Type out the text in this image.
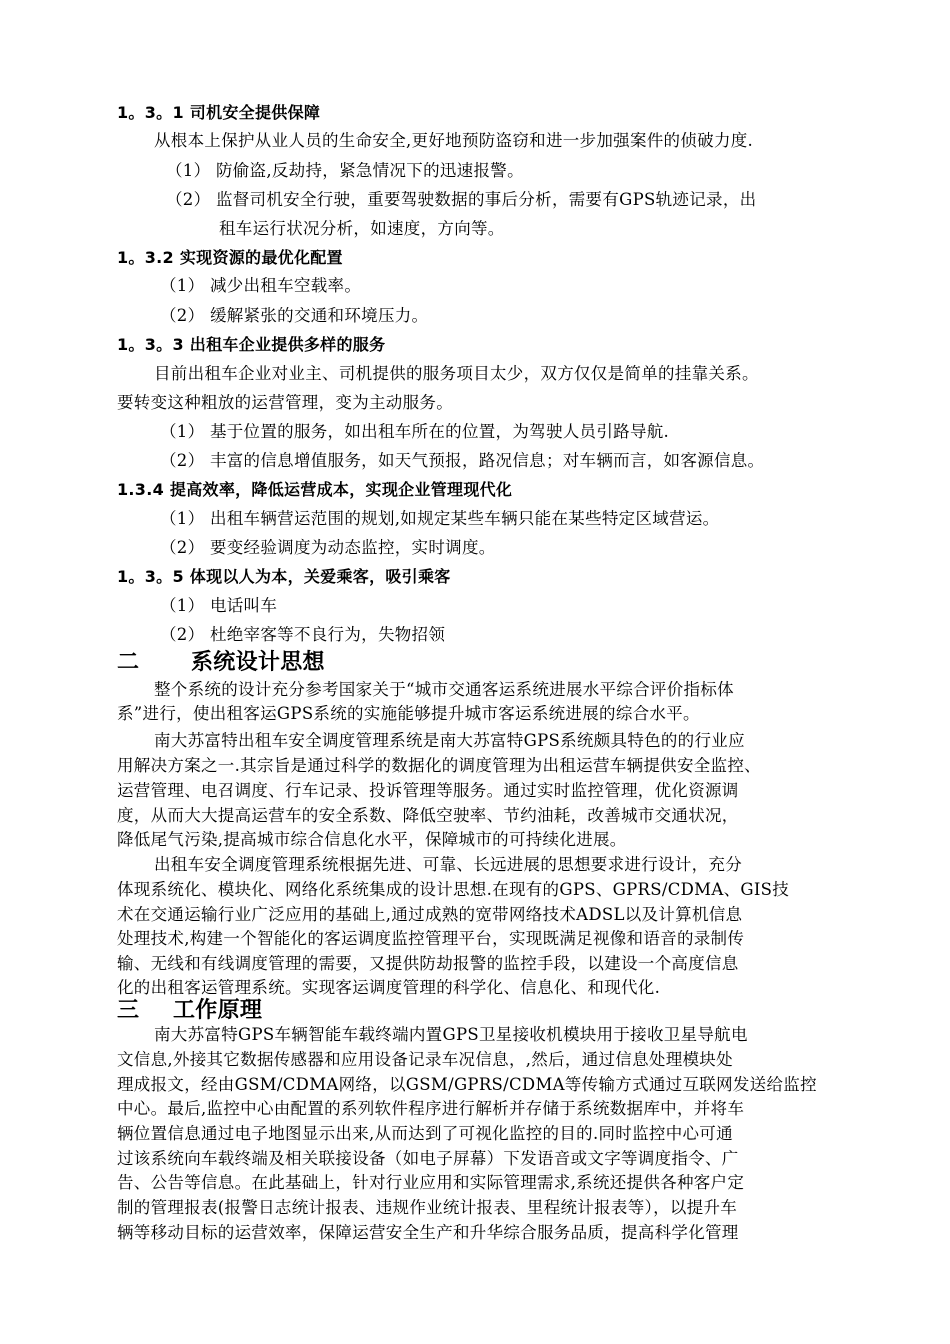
1。3。1 司机安全提供保障
从根本上保护从业人员的生命安全,更好地预防盗窃和进一步加强案件的侦破力度.
（1） 防偷盗,反劫持，紧急情况下的迅速报警。
（2） 监督司机安全行驶，重要驾驶数据的事后分析，需要有GPS轨迹记录，出
租车运行状况分析，如速度，方向等。
1。3.2 实现资源的最优化配置
（1） 减少出租车空载率。
（2） 缓解紧张的交通和环境压力。
1。3。3 出租车企业提供多样的服务
目前出租车企业对业主、司机提供的服务项目太少，双方仅仅是简单的挂靠关系。
要转变这种粗放的运营管理，变为主动服务。
（1） 基于位置的服务，如出租车所在的位置，为驾驶人员引路导航.
（2） 丰富的信息增值服务，如天气预报，路况信息；对车辆而言，如客源信息。
1.3.4 提高效率，降低运营成本，实现企业管理现代化
（1） 出租车辆营运范围的规划,如规定某些车辆只能在某些特定区域营运。
（2） 要变经验调度为动态监控，实时调度。
1。3。5 体现以人为本，关爱乘客，吸引乘客
（1） 电话叫车
（2） 杜绝宰客等不良行为，失物招领
二 系统设计思想
整个系统的设计充分参考国家关于“城市交通客运系统进展水平综合评价指标体
系”进行，使出租客运GPS系统的实施能够提升城市客运系统进展的综合水平。
南大苏富特出租车安全调度管理系统是南大苏富特GPS系统颇具特色的的行业应
用解决方案之一.其宗旨是通过科学的数据化的调度管理为出租运营车辆提供安全监控、
运营管理、电召调度、行车记录、投诉管理等服务。通过实时监控管理，优化资源调
度，从而大大提高运营车的安全系数、降低空驶率、节约油耗，改善城市交通状况，
降低尾气污染,提高城市综合信息化水平，保障城市的可持续化进展。
出租车安全调度管理系统根据先进、可靠、长远进展的思想要求进行设计，充分
体现系统化、模块化、网络化系统集成的设计思想.在现有的GPS、GPRS/CDMA、GIS技
术在交通运输行业广泛应用的基础上,通过成熟的宽带网络技术ADSL以及计算机信息
处理技术,构建一个智能化的客运调度监控管理平台，实现既满足视像和语音的录制传
输、无线和有线调度管理的需要，又提供防劫报警的监控手段，以建设一个高度信息
化的出租客运管理系统。实现客运调度管理的科学化、信息化、和现代化.
三 工作原理
南大苏富特GPS车辆智能车载终端内置GPS卫星接收机模块用于接收卫星导航电
文信息,外接其它数据传感器和应用设备记录车况信息，,然后，通过信息处理模块处
理成报文，经由GSM/CDMA网络，以GSM/GPRS/CDMA等传输方式通过互联网发送给监控
中心。最后,监控中心由配置的系列软件程序进行解析并存储于系统数据库中，并将车
辆位置信息通过电子地图显示出来,从而达到了可视化监控的目的.同时监控中心可通
过该系统向车载终端及相关联接设备（如电子屏幕）下发语音或文字等调度指令、广
告、公告等信息。在此基础上，针对行业应用和实际管理需求,系统还提供各种客户定
制的管理报表(报警日志统计报表、违规作业统计报表、里程统计报表等），以提升车
辆等移动目标的运营效率，保障运营安全生产和升华综合服务品质，提高科学化管理
